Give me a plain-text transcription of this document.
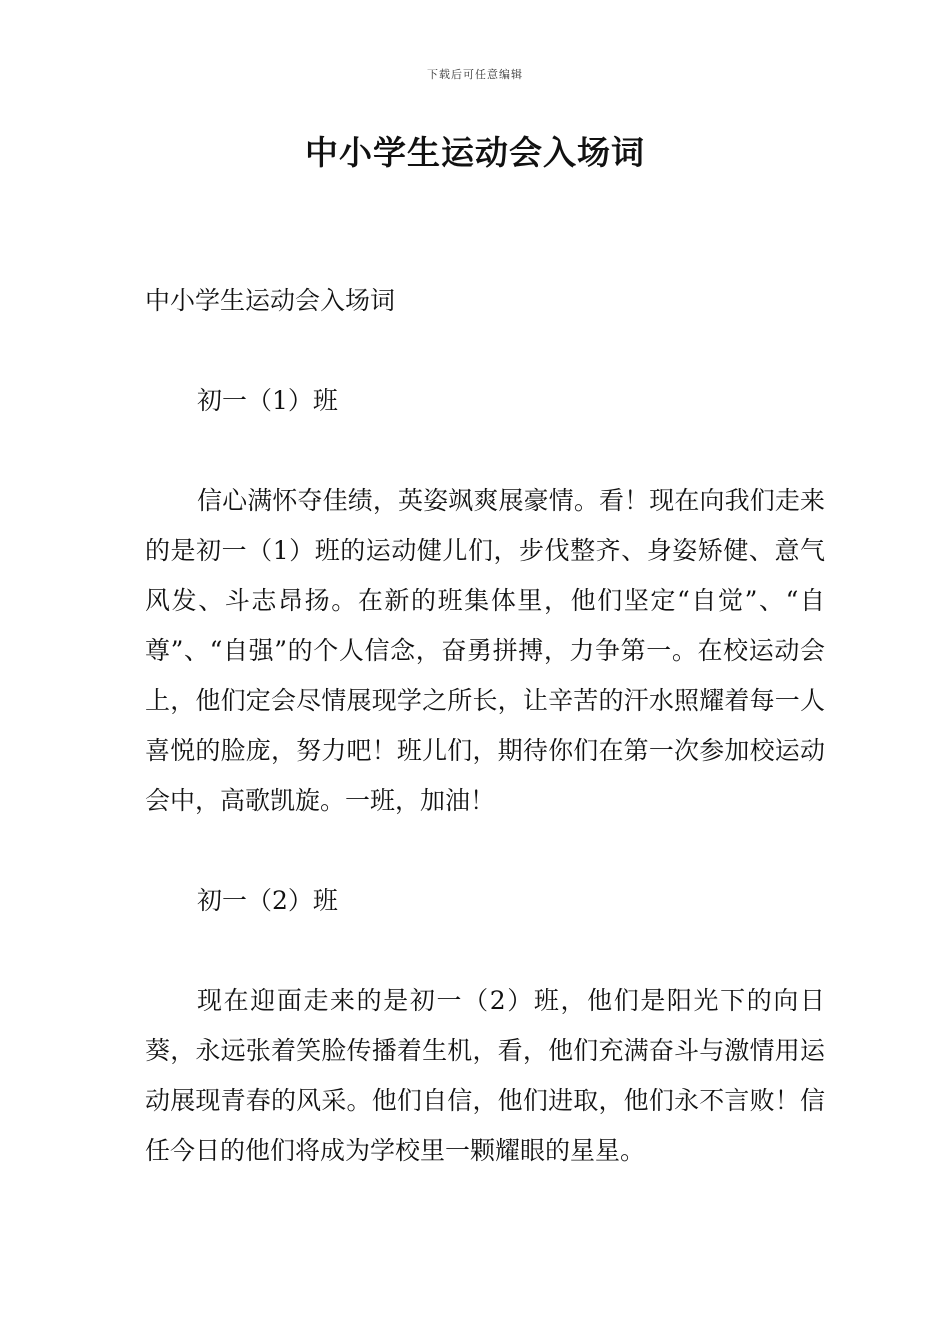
下载后可任意编辑
中小学生运动会入场词

中小学生运动会入场词

初一（1）班

信心满怀夺佳绩，英姿飒爽展豪情。看！现在向我们走来的是初一（1）班的运动健儿们，步伐整齐、身姿矫健、意气风发、斗志昂扬。在新的班集体里，他们坚定“自觉”、“自尊”、“自强”的个人信念，奋勇拼搏，力争第一。在校运动会上，他们定会尽情展现学之所长，让辛苦的汗水照耀着每一人喜悦的脸庞，努力吧！班儿们，期待你们在第一次参加校运动会中，高歌凯旋。一班，加油！

初一（2）班

现在迎面走来的是初一（2）班，他们是阳光下的向日葵，永远张着笑脸传播着生机，看，他们充满奋斗与激情用运动展现青春的风采。他们自信，他们进取，他们永不言败！信任今日的他们将成为学校里一颗耀眼的星星。
